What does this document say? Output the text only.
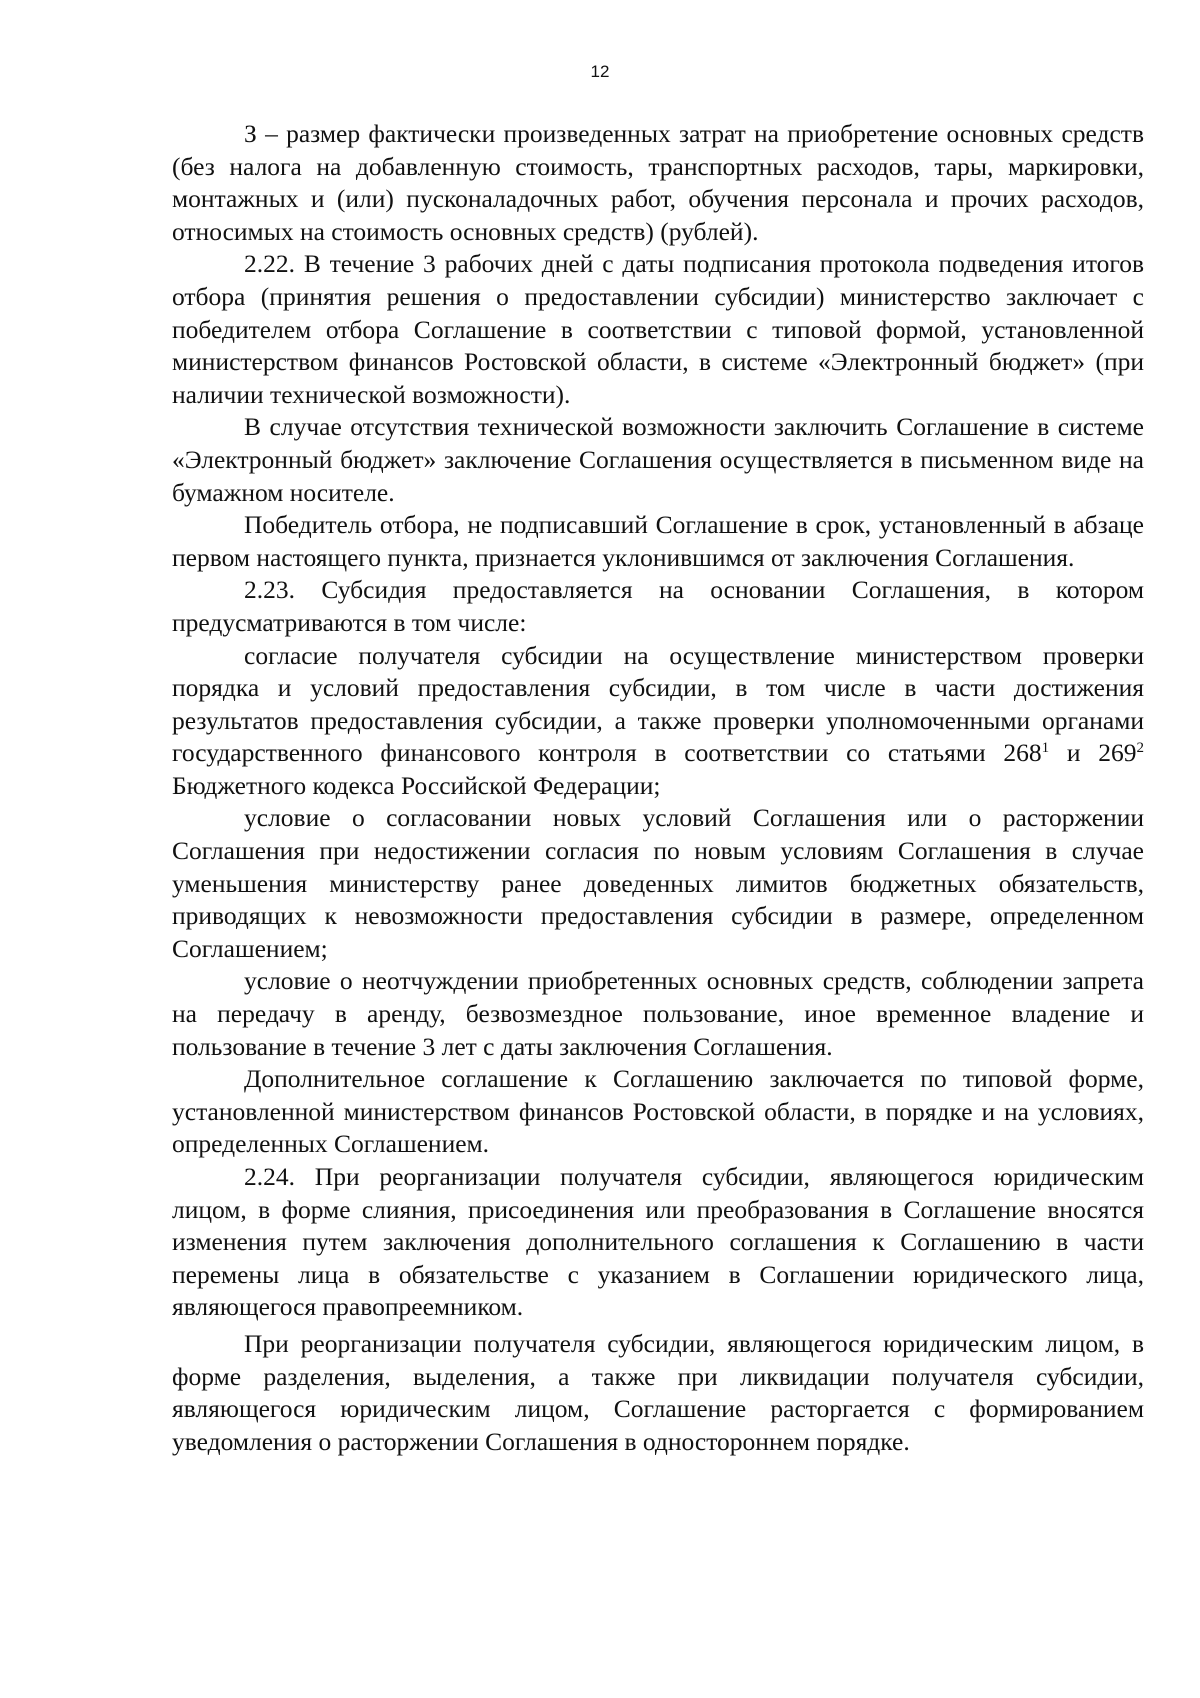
12

З – размер фактически произведенных затрат на приобретение основных средств (без налога на добавленную стоимость, транспортных расходов, тары, маркировки, монтажных и (или) пусконаладочных работ, обучения персонала и прочих расходов, относимых на стоимость основных средств) (рублей).

2.22. В течение 3 рабочих дней с даты подписания протокола подведения итогов отбора (принятия решения о предоставлении субсидии) министерство заключает с победителем отбора Соглашение в соответствии с типовой формой, установленной министерством финансов Ростовской области, в системе «Электронный бюджет» (при наличии технической возможности).

В случае отсутствия технической возможности заключить Соглашение в системе «Электронный бюджет» заключение Соглашения осуществляется в письменном виде на бумажном носителе.

Победитель отбора, не подписавший Соглашение в срок, установленный в абзаце первом настоящего пункта, признается уклонившимся от заключения Соглашения.

2.23. Субсидия предоставляется на основании Соглашения, в котором предусматриваются в том числе:

согласие получателя субсидии на осуществление министерством проверки порядка и условий предоставления субсидии, в том числе в части достижения результатов предоставления субсидии, а также проверки уполномоченными органами государственного финансового контроля в соответствии со статьями $268^1$ и $269^2$ Бюджетного кодекса Российской Федерации;

условие о согласовании новых условий Соглашения или о расторжении Соглашения при недостижении согласия по новым условиям Соглашения в случае уменьшения министерству ранее доведенных лимитов бюджетных обязательств, приводящих к невозможности предоставления субсидии в размере, определенном Соглашением;

условие о неотчуждении приобретенных основных средств, соблюдении запрета на передачу в аренду, безвозмездное пользование, иное временное владение и пользование в течение 3 лет с даты заключения Соглашения.

Дополнительное соглашение к Соглашению заключается по типовой форме, установленной министерством финансов Ростовской области, в порядке и на условиях, определенных Соглашением.

2.24. При реорганизации получателя субсидии, являющегося юридическим лицом, в форме слияния, присоединения или преобразования в Соглашение вносятся изменения путем заключения дополнительного соглашения к Соглашению в части перемены лица в обязательстве с указанием в Соглашении юридического лица, являющегося правопреемником.

При реорганизации получателя субсидии, являющегося юридическим лицом, в форме разделения, выделения, а также при ликвидации получателя субсидии, являющегося юридическим лицом, Соглашение расторгается с формированием уведомления о расторжении Соглашения в одностороннем порядке.
